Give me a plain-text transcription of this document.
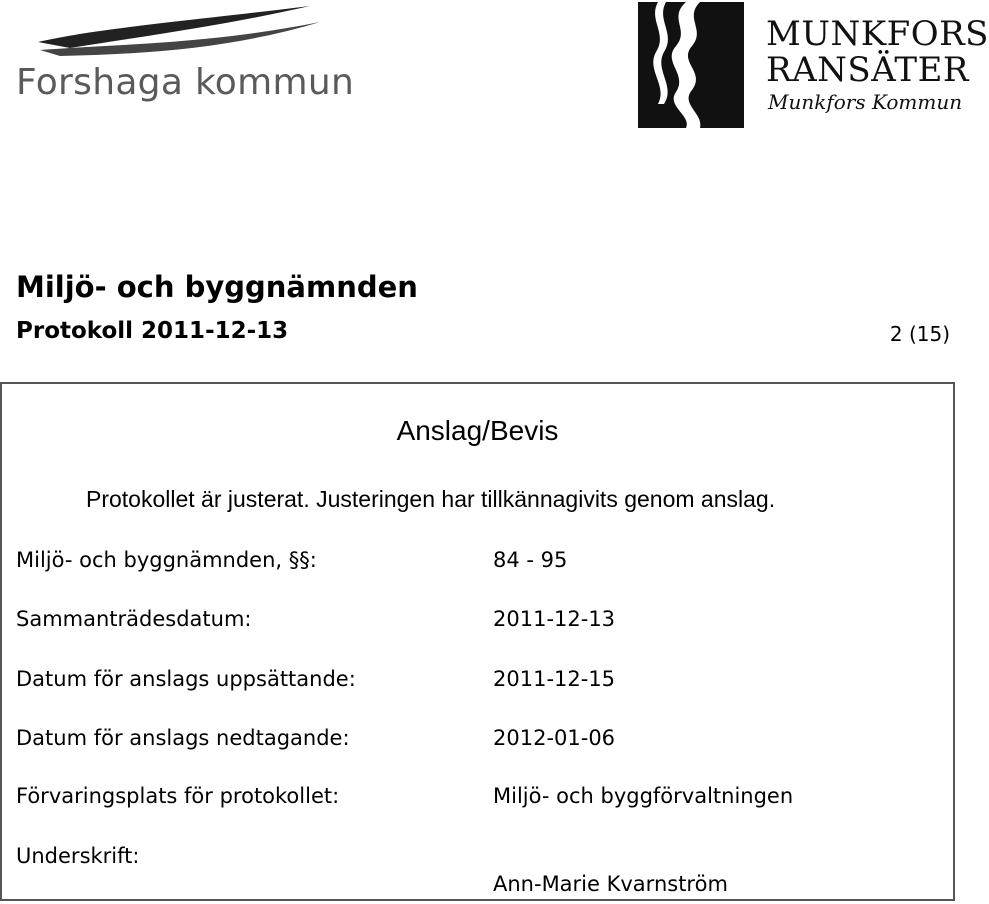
Forshaga kommun
MUNKFORS
RANSÄTER
Munkfors Kommun
Miljö- och byggnämnden
Protokoll 2011-12-13	2 (15)
Anslag/Bevis
Protokollet är justerat. Justeringen har tillkännagivits genom anslag.
Miljö- och byggnämnden, §§:	84 - 95
Sammanträdesdatum:	2011-12-13
Datum för anslags uppsättande:	2011-12-15
Datum för anslags nedtagande:	2012-01-06
Förvaringsplats för protokollet:	Miljö- och byggförvaltningen
Underskrift:
Ann-Marie Kvarnström
